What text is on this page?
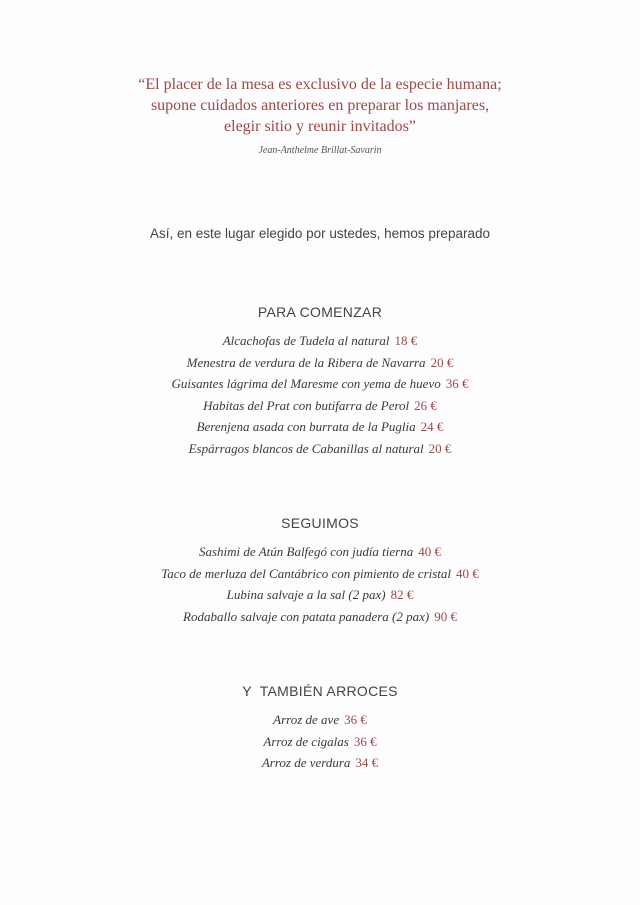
“El placer de la mesa es exclusivo de la especie humana;
supone cuidados anteriores en preparar los manjares,
elegir sitio y reunir invitados”
Jean-Anthelme Brillat-Savarin
Así, en este lugar elegido por ustedes, hemos preparado
PARA COMENZAR
Alcachofas de Tudela al natural 18 €
Menestra de verdura de la Ribera de Navarra 20 €
Guisantes lágrima del Maresme con yema de huevo 36 €
Habitas del Prat con butifarra de Perol 26 €
Berenjena asada con burrata de la Puglia 24 €
Espárragos blancos de Cabanillas al natural 20 €
SEGUIMOS
Sashimi de Atún Balfegó con judía tierna 40 €
Taco de merluza del Cantábrico con pimiento de cristal 40 €
Lubina salvaje a la sal (2 pax) 82 €
Rodaballo salvaje con patata panadera (2 pax) 90 €
Y  TAMBIÉN ARROCES
Arroz de ave 36 €
Arroz de cigalas 36 €
Arroz de verdura 34 €
